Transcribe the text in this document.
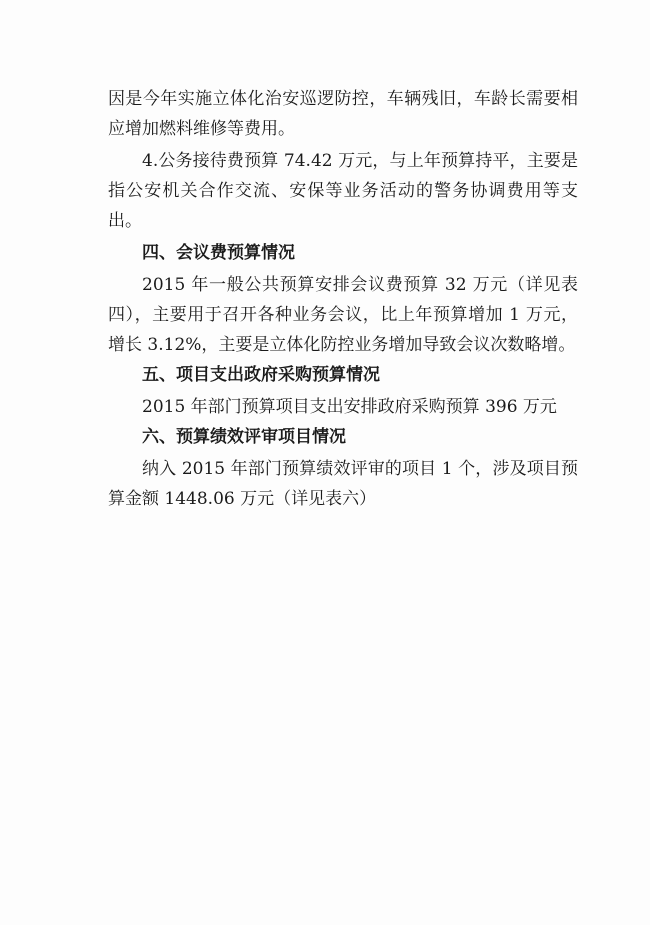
因是今年实施立体化治安巡逻防控，车辆残旧，车龄长需要相应增加燃料维修等费用。

4.公务接待费预算 74.42 万元，与上年预算持平，主要是指公安机关合作交流、安保等业务活动的警务协调费用等支出。

四、会议费预算情况

2015 年一般公共预算安排会议费预算 32 万元（详见表四），主要用于召开各种业务会议，比上年预算增加 1 万元，增长 3.12%，主要是立体化防控业务增加导致会议次数略增。

五、项目支出政府采购预算情况

2015 年部门预算项目支出安排政府采购预算 396 万元

六、预算绩效评审项目情况

纳入 2015 年部门预算绩效评审的项目 1 个，涉及项目预算金额 1448.06 万元（详见表六）
